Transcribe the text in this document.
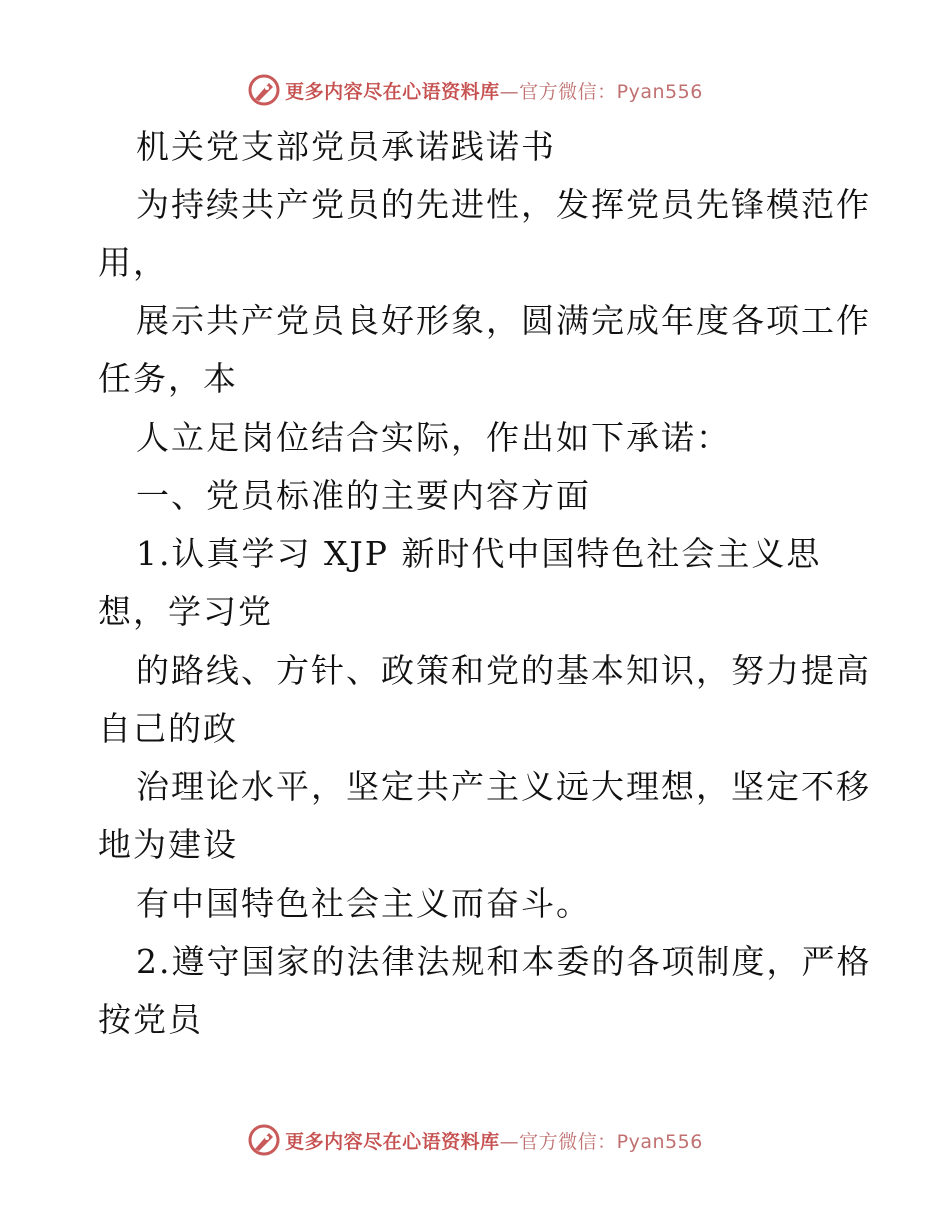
更多内容尽在心语资料库 —官方微信：Pyan556
机关党支部党员承诺践诺书
为持续共产党员的先进性，发挥党员先锋模范作
用，
展示共产党员良好形象，圆满完成年度各项工作
任务，本
人立足岗位结合实际，作出如下承诺：
一、党员标准的主要内容方面
1.认真学习 XJP 新时代中国特色社会主义思
想，学习党
的路线、方针、政策和党的基本知识，努力提高
自己的政
治理论水平，坚定共产主义远大理想，坚定不移
地为建设
有中国特色社会主义而奋斗。
2.遵守国家的法律法规和本委的各项制度，严格
按党员
更多内容尽在心语资料库 —官方微信：Pyan556
